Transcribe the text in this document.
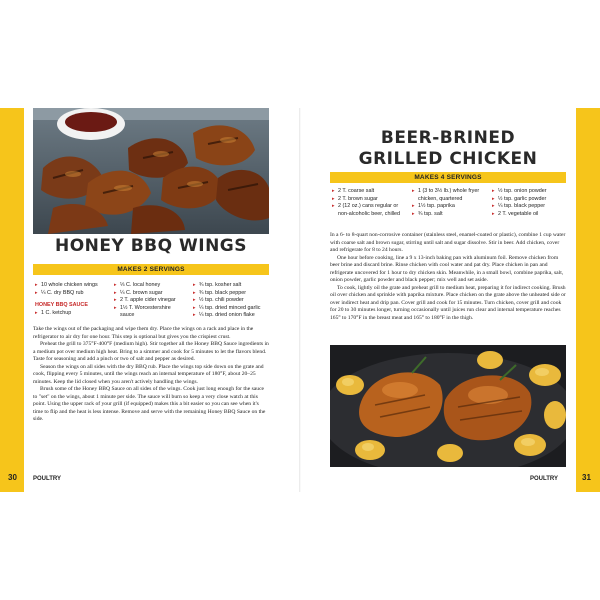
HONEY BBQ WINGS
MAKES 2 SERVINGS
▸ 10 whole chicken wings
▸ ¼ C. dry BBQ rub
HONEY BBQ SAUCE
▸ 1 C. ketchup
▸ ⅓ C. local honey
▸ ¼ C. brown sugar
▸ 2 T. apple cider vinegar
▸ 1½ T. Worcestershire
sauce
▸ ¾ tsp. kosher salt
▸ ¾ tsp. black pepper
▸ ½ tsp. chili powder
▸ ¼ tsp. dried minced garlic
▸ ¼ tsp. dried onion flake

Take the wings out of the packaging and wipe them dry. Place the wings on a rack and place in the refrigerator to air dry for one hour. This step is optional but gives you the crispiest crust.

Preheat the grill to 375°F-400°F (medium high). Stir together all the Honey BBQ Sauce ingredients in a medium pot over medium high heat. Bring to a simmer and cook for 5 minutes to let the flavors blend. Taste for seasoning and add a pinch or two of salt and pepper as desired.

Season the wings on all sides with the dry BBQ rub. Place the wings top side down on the grate and cook, flipping every 5 minutes, until the wings reach an internal temperature of 180°F, about 20–25 minutes. Keep the lid closed when you aren't actively handling the wings.

Brush some of the Honey BBQ Sauce on all sides of the wings. Cook just long enough for the sauce to "set" on the wings, about 1 minute per side. The sauce will burn so keep a very close watch at this point. Using the upper rack of your grill (if equipped) makes this a bit easier so you can see when it's time to flip and the heat is less intense. Remove and serve with the remaining Honey BBQ Sauce on the side.

30	POULTRY
BEER-BRINED
GRILLED CHICKEN
MAKES 4 SERVINGS
▸ 2 T. coarse salt
▸ 2 T. brown sugar
▸ 2 (12 oz.) cans regular or
non-alcoholic beer, chilled
▸ 1 (3 to 3½ lb.) whole fryer
chicken, quartered
▸ 1½ tsp. paprika
▸ ¾ tsp. salt
▸ ½ tsp. onion powder
▸ ½ tsp. garlic powder
▸ ¼ tsp. black pepper
▸ 2 T. vegetable oil

In a 6- to 8-quart non-corrosive container (stainless steel, enamel-coated or plastic), combine 1 cup water with coarse salt and brown sugar, stirring until salt and sugar dissolve. Stir in beer. Add chicken, cover and refrigerate for 8 to 24 hours.

One hour before cooking, line a 9 x 13-inch baking pan with aluminum foil. Remove chicken from beer brine and discard brine. Rinse chicken with cool water and pat dry. Place chicken in pan and refrigerate uncovered for 1 hour to dry chicken skin. Meanwhile, in a small bowl, combine paprika, salt, onion powder, garlic powder and black pepper; mix well and set aside.

To cook, lightly oil the grate and preheat grill to medium heat, preparing it for indirect cooking. Brush oil over chicken and sprinkle with paprika mixture. Place chicken on the grate above the unheated side or over indirect heat and drip pan. Cover grill and cook for 15 minutes. Turn chicken, cover grill and cook for 20 to 30 minutes longer, turning occasionally until juices run clear and internal temperature reaches 165° to 170°F in the breast meat and 165° to 180°F in the thigh.

POULTRY	31
